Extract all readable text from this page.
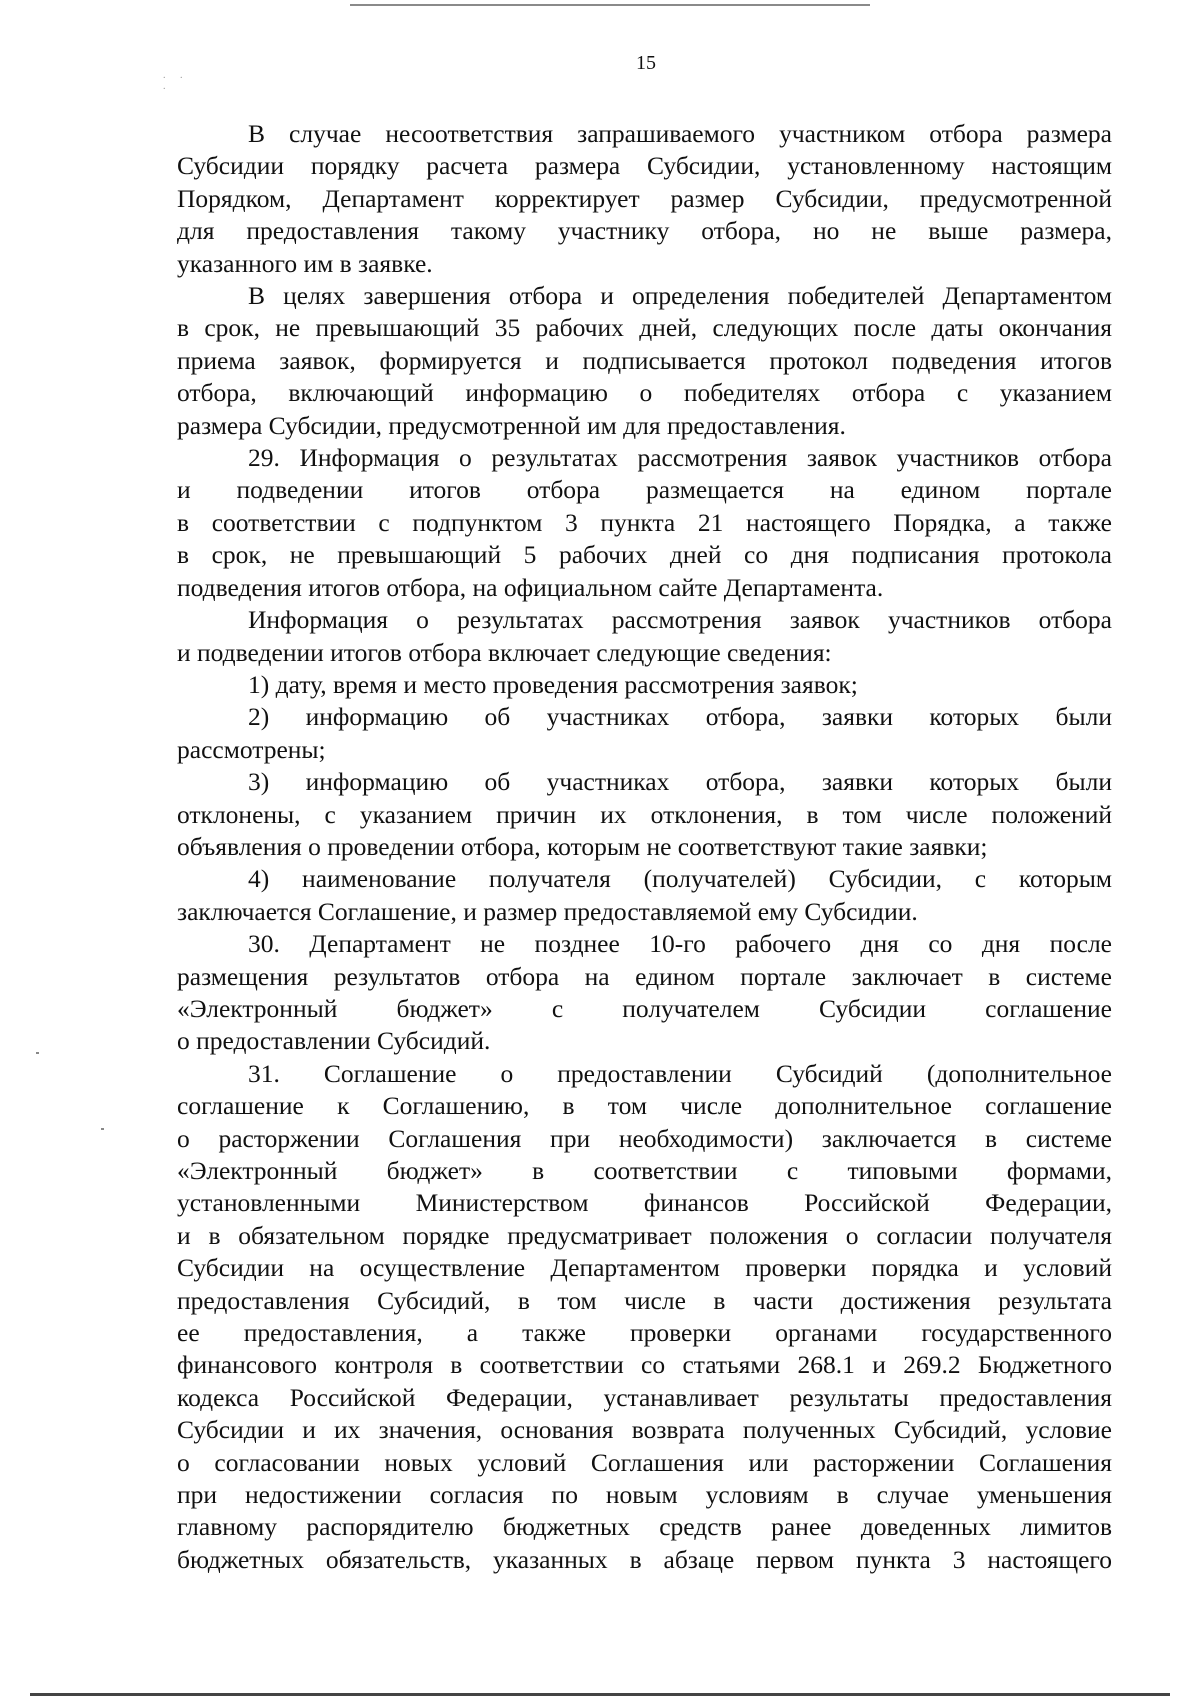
. . .
15
В случае несоответствия запрашиваемого участником отбора размера
Субсидии порядку расчета размера Субсидии, установленному настоящим
Порядком, Департамент корректирует размер Субсидии, предусмотренной
для предоставления такому участнику отбора, но не выше размера,
указанного им в заявке.
В целях завершения отбора и определения победителей Департаментом
в срок, не превышающий 35 рабочих дней, следующих после даты окончания
приема заявок, формируется и подписывается протокол подведения итогов
отбора, включающий информацию о победителях отбора с указанием
размера Субсидии, предусмотренной им для предоставления.
29. Информация о результатах рассмотрения заявок участников отбора
и подведении итогов отбора размещается на едином портале
в соответствии с подпунктом 3 пункта 21 настоящего Порядка, а также
в срок, не превышающий 5 рабочих дней со дня подписания протокола
подведения итогов отбора, на официальном сайте Департамента.
Информация о результатах рассмотрения заявок участников отбора
и подведении итогов отбора включает следующие сведения:
1) дату, время и место проведения рассмотрения заявок;
2) информацию об участниках отбора, заявки которых были
рассмотрены;
3) информацию об участниках отбора, заявки которых были
отклонены, с указанием причин их отклонения, в том числе положений
объявления о проведении отбора, которым не соответствуют такие заявки;
4) наименование получателя (получателей) Субсидии, с которым
заключается Соглашение, и размер предоставляемой ему Субсидии.
30. Департамент не позднее 10-го рабочего дня со дня после
размещения результатов отбора на едином портале заключает в системе
«Электронный бюджет» с получателем Субсидии соглашение
о предоставлении Субсидий.
31. Соглашение о предоставлении Субсидий (дополнительное
соглашение к Соглашению, в том числе дополнительное соглашение
о расторжении Соглашения при необходимости) заключается в системе
«Электронный бюджет» в соответствии с типовыми формами,
установленными Министерством финансов Российской Федерации,
и в обязательном порядке предусматривает положения о согласии получателя
Субсидии на осуществление Департаментом проверки порядка и условий
предоставления Субсидий, в том числе в части достижения результата
ее предоставления, а также проверки органами государственного
финансового контроля в соответствии со статьями 268.1 и 269.2 Бюджетного
кодекса Российской Федерации, устанавливает результаты предоставления
Субсидии и их значения, основания возврата полученных Субсидий, условие
о согласовании новых условий Соглашения или расторжении Соглашения
при недостижении согласия по новым условиям в случае уменьшения
главному распорядителю бюджетных средств ранее доведенных лимитов
бюджетных обязательств, указанных в абзаце первом пункта 3 настоящего
